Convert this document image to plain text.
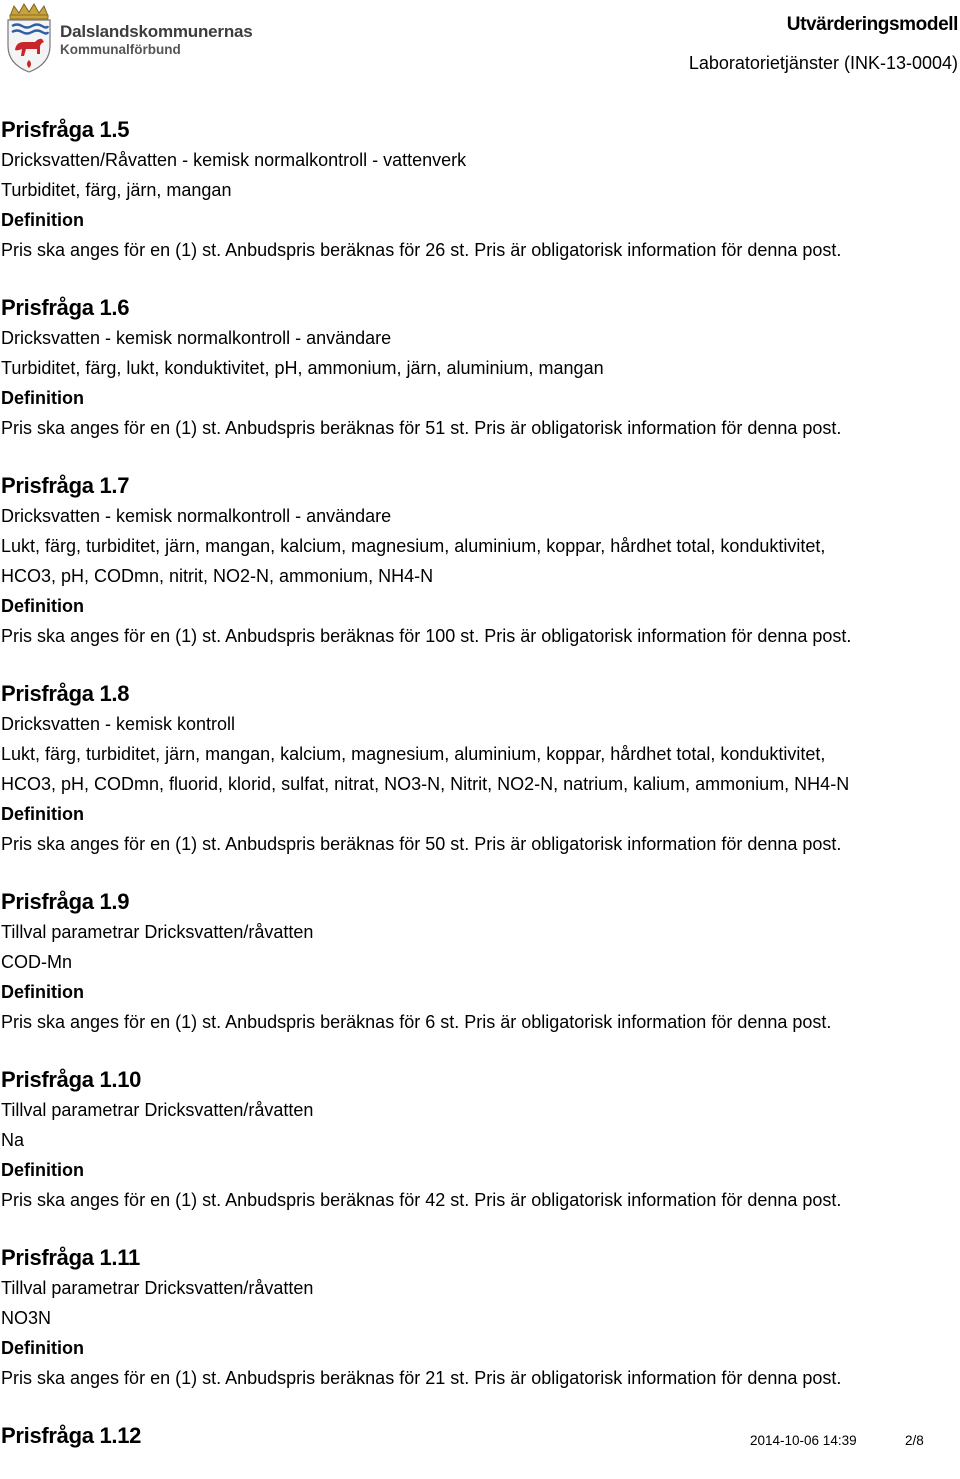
Dalslandskommunernas
Kommunalförbund
Utvärderingsmodell
Laboratorietjänster (INK-13-0004)
Prisfråga 1.5
Dricksvatten/Råvatten - kemisk normalkontroll - vattenverk
Turbiditet, färg, järn, mangan
Definition
Pris ska anges för en (1) st. Anbudspris beräknas för 26 st. Pris är obligatorisk information för denna post.
Prisfråga 1.6
Dricksvatten - kemisk normalkontroll - användare
Turbiditet, färg, lukt, konduktivitet, pH, ammonium, järn, aluminium, mangan
Definition
Pris ska anges för en (1) st. Anbudspris beräknas för 51 st. Pris är obligatorisk information för denna post.
Prisfråga 1.7
Dricksvatten - kemisk normalkontroll - användare
Lukt, färg, turbiditet, järn, mangan, kalcium, magnesium, aluminium, koppar, hårdhet total, konduktivitet,
HCO3, pH, CODmn, nitrit, NO2-N, ammonium, NH4-N
Definition
Pris ska anges för en (1) st. Anbudspris beräknas för 100 st. Pris är obligatorisk information för denna post.
Prisfråga 1.8
Dricksvatten - kemisk kontroll
Lukt, färg, turbiditet, järn, mangan, kalcium, magnesium, aluminium, koppar, hårdhet total, konduktivitet,
HCO3, pH, CODmn, fluorid, klorid, sulfat, nitrat, NO3-N, Nitrit, NO2-N, natrium, kalium, ammonium, NH4-N
Definition
Pris ska anges för en (1) st. Anbudspris beräknas för 50 st. Pris är obligatorisk information för denna post.
Prisfråga 1.9
Tillval parametrar Dricksvatten/råvatten
COD-Mn
Definition
Pris ska anges för en (1) st. Anbudspris beräknas för 6 st. Pris är obligatorisk information för denna post.
Prisfråga 1.10
Tillval parametrar Dricksvatten/råvatten
Na
Definition
Pris ska anges för en (1) st. Anbudspris beräknas för 42 st. Pris är obligatorisk information för denna post.
Prisfråga 1.11
Tillval parametrar Dricksvatten/råvatten
NO3N
Definition
Pris ska anges för en (1) st. Anbudspris beräknas för 21 st. Pris är obligatorisk information för denna post.
Prisfråga 1.12	2014-10-06 14:39	2/8
